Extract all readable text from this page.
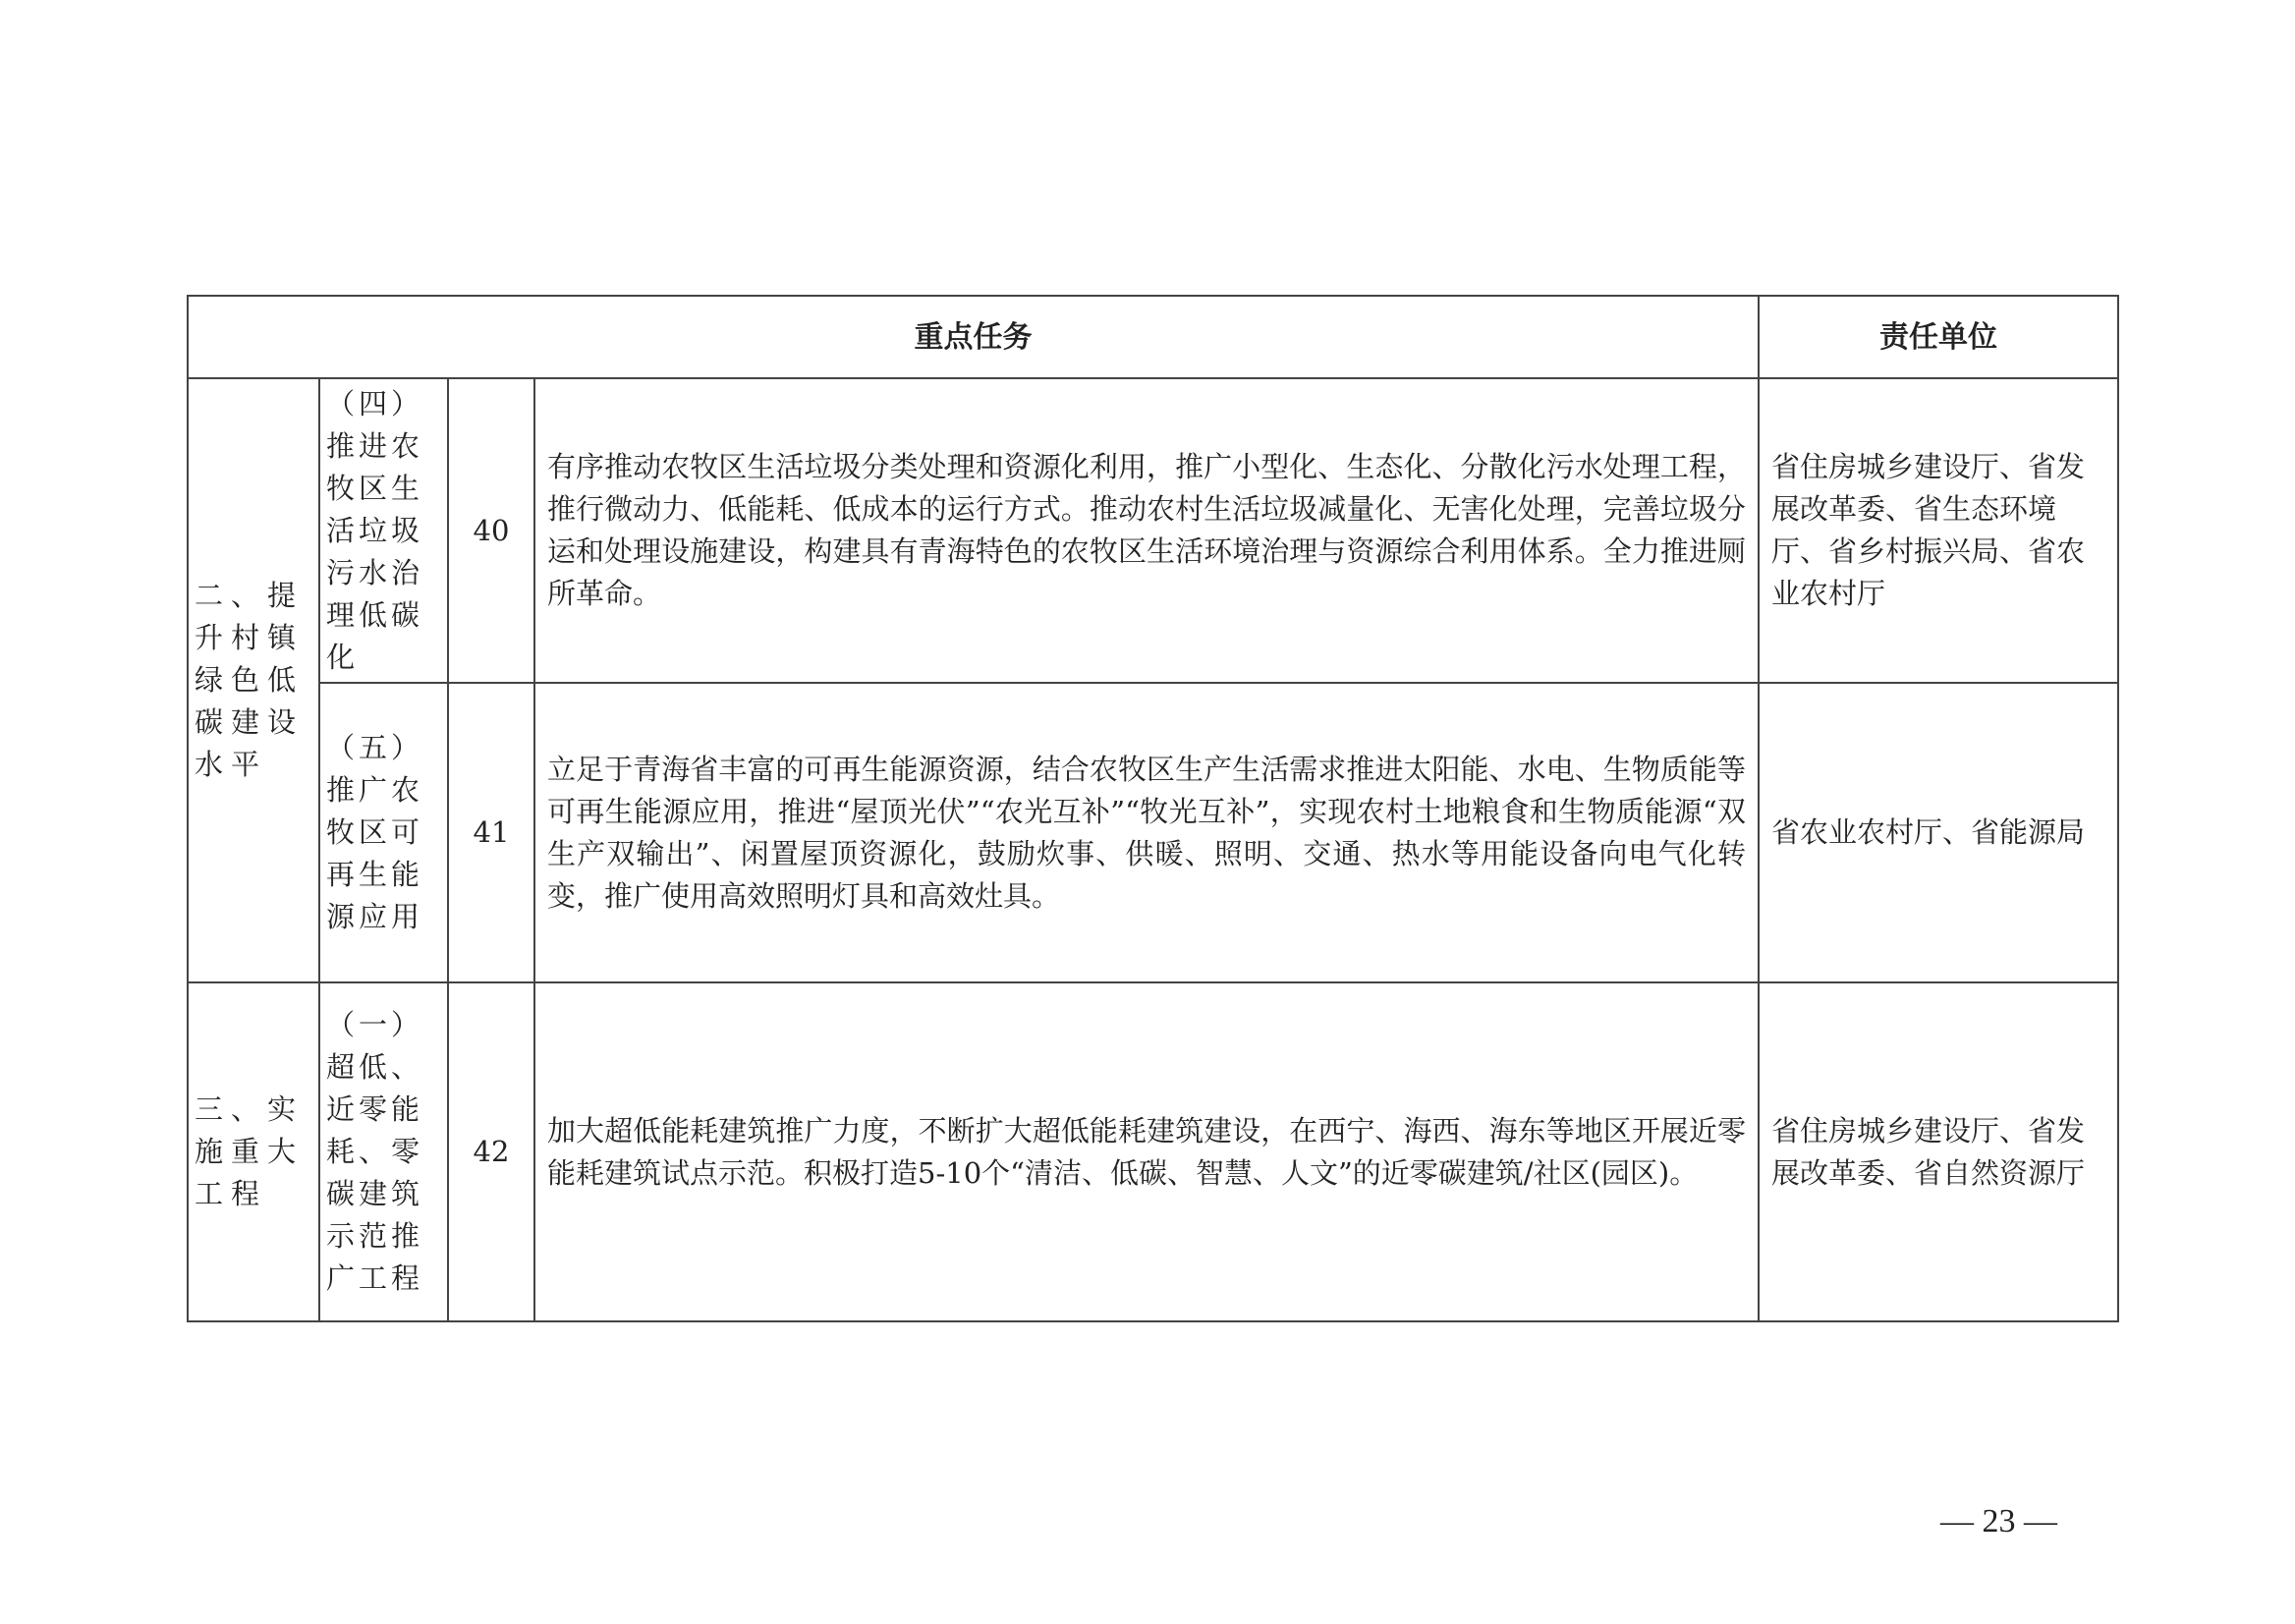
重点任务				责任单位
二、提升村镇绿色低碳建设水平	（四）推进农牧区生活垃圾污水治理低碳化	40	有序推动农牧区生活垃圾分类处理和资源化利用，推广小型化、生态化、分散化污水处理工程，推行微动力、低能耗、低成本的运行方式。推动农村生活垃圾减量化、无害化处理，完善垃圾分运和处理设施建设，构建具有青海特色的农牧区生活环境治理与资源综合利用体系。全力推进厕所革命。	省住房城乡建设厅、省发展改革委、省生态环境厅、省乡村振兴局、省农业农村厅
	（五）推广农牧区可再生能源应用	41	立足于青海省丰富的可再生能源资源，结合农牧区生产生活需求推进太阳能、水电、生物质能等可再生能源应用，推进“屋顶光伏”“农光互补”“牧光互补”，实现农村土地粮食和生物质能源“双生产双输出”、闲置屋顶资源化，鼓励炊事、供暖、照明、交通、热水等用能设备向电气化转变，推广使用高效照明灯具和高效灶具。	省农业农村厅、省能源局
三、实施重大工程	（一）超低、近零能耗、零碳建筑示范推广工程	42	加大超低能耗建筑推广力度，不断扩大超低能耗建筑建设，在西宁、海西、海东等地区开展近零能耗建筑试点示范。积极打造5-10个“清洁、低碳、智慧、人文”的近零碳建筑/社区(园区)。	省住房城乡建设厅、省发展改革委、省自然资源厅
— 23 —
